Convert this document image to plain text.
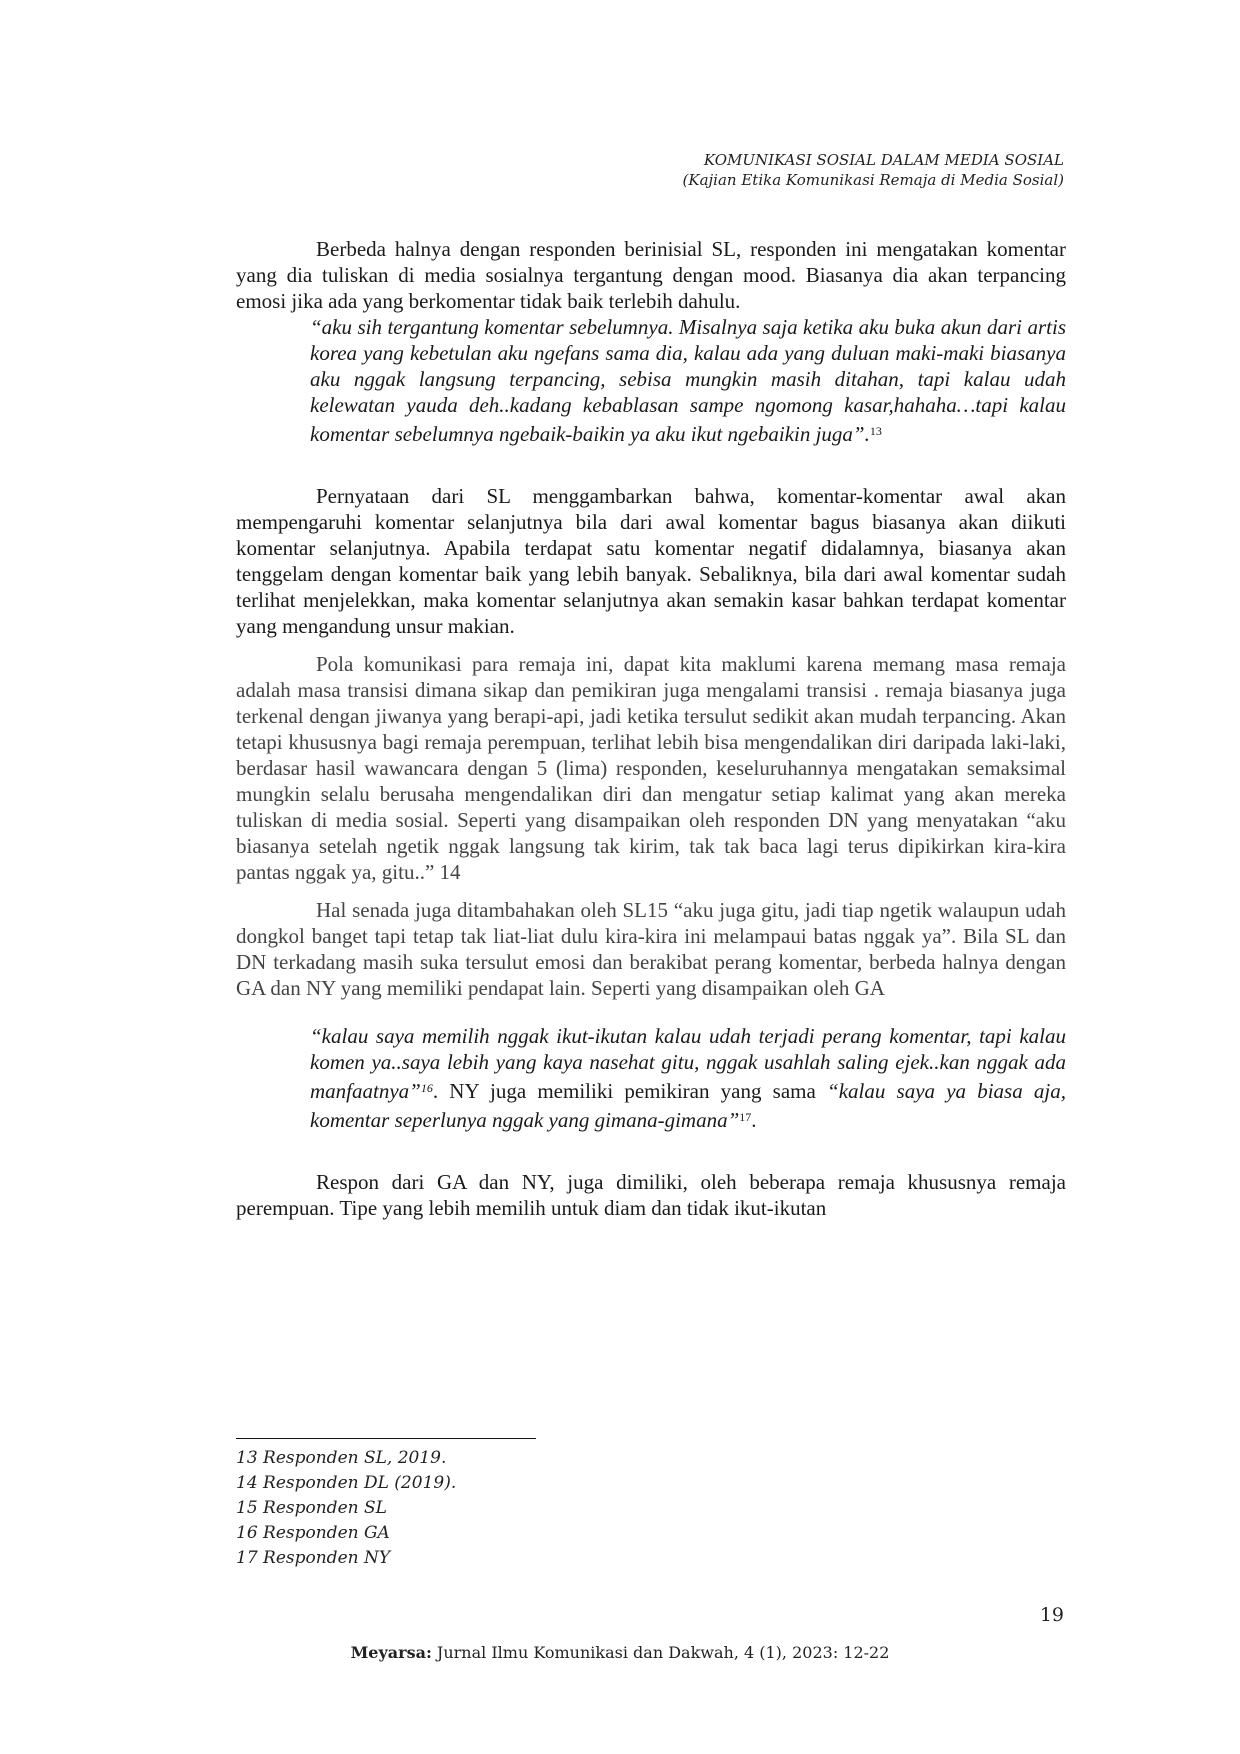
KOMUNIKASI SOSIAL DALAM MEDIA SOSIAL
(Kajian Etika Komunikasi Remaja di Media Sosial)

Berbeda halnya dengan responden berinisial SL, responden ini mengatakan komentar yang dia tuliskan di media sosialnya tergantung dengan mood. Biasanya dia akan terpancing emosi jika ada yang berkomentar tidak baik terlebih dahulu.

“aku sih tergantung komentar sebelumnya. Misalnya saja ketika aku buka akun dari artis korea yang kebetulan aku ngefans sama dia, kalau ada yang duluan maki-maki biasanya aku nggak langsung terpancing, sebisa mungkin masih ditahan, tapi kalau udah kelewatan yauda deh..kadang kebablasan sampe ngomong kasar,hahaha…tapi kalau komentar sebelumnya ngebaik-baikin ya aku ikut ngebaikin juga”.$^{13}$

Pernyataan dari SL menggambarkan bahwa, komentar-komentar awal akan mempengaruhi komentar selanjutnya bila dari awal komentar bagus biasanya akan diikuti komentar selanjutnya. Apabila terdapat satu komentar negatif didalamnya, biasanya akan tenggelam dengan komentar baik yang lebih banyak. Sebaliknya, bila dari awal komentar sudah terlihat menjelekkan, maka komentar selanjutnya akan semakin kasar bahkan terdapat komentar yang mengandung unsur makian.

Pola komunikasi para remaja ini, dapat kita maklumi karena memang masa remaja adalah masa transisi dimana sikap dan pemikiran juga mengalami transisi . remaja biasanya juga terkenal dengan jiwanya yang berapi-api, jadi ketika tersulut sedikit akan mudah terpancing. Akan tetapi khususnya bagi remaja perempuan, terlihat lebih bisa mengendalikan diri daripada laki-laki, berdasar hasil wawancara dengan 5 (lima) responden, keseluruhannya mengatakan semaksimal mungkin selalu berusaha mengendalikan diri dan mengatur setiap kalimat yang akan mereka tuliskan di media sosial. Seperti yang disampaikan oleh responden DN yang menyatakan “aku biasanya setelah ngetik nggak langsung tak kirim, tak tak baca lagi terus dipikirkan kira-kira pantas nggak ya, gitu..” 14

Hal senada juga ditambahakan oleh SL15 “aku juga gitu, jadi tiap ngetik walaupun udah dongkol banget tapi tetap tak liat-liat dulu kira-kira ini melampaui batas nggak ya”. Bila SL dan DN terkadang masih suka tersulut emosi dan berakibat perang komentar, berbeda halnya dengan GA dan NY yang memiliki pendapat lain. Seperti yang disampaikan oleh GA

“kalau saya memilih nggak ikut-ikutan kalau udah terjadi perang komentar, tapi kalau komen ya..saya lebih yang kaya nasehat gitu, nggak usahlah saling ejek..kan nggak ada manfaatnya”$^{16}$. NY juga memiliki pemikiran yang sama “kalau saya ya biasa aja, komentar seperlunya nggak yang gimana-gimana”$^{17}$.

Respon dari GA dan NY, juga dimiliki, oleh beberapa remaja khususnya remaja perempuan. Tipe yang lebih memilih untuk diam dan tidak ikut-ikutan

13 Responden SL, 2019.
14 Responden DL (2019).
15 Responden SL
16 Responden GA
17 Responden NY
19
Meyarsa: Jurnal Ilmu Komunikasi dan Dakwah, 4 (1), 2023: 12-22
